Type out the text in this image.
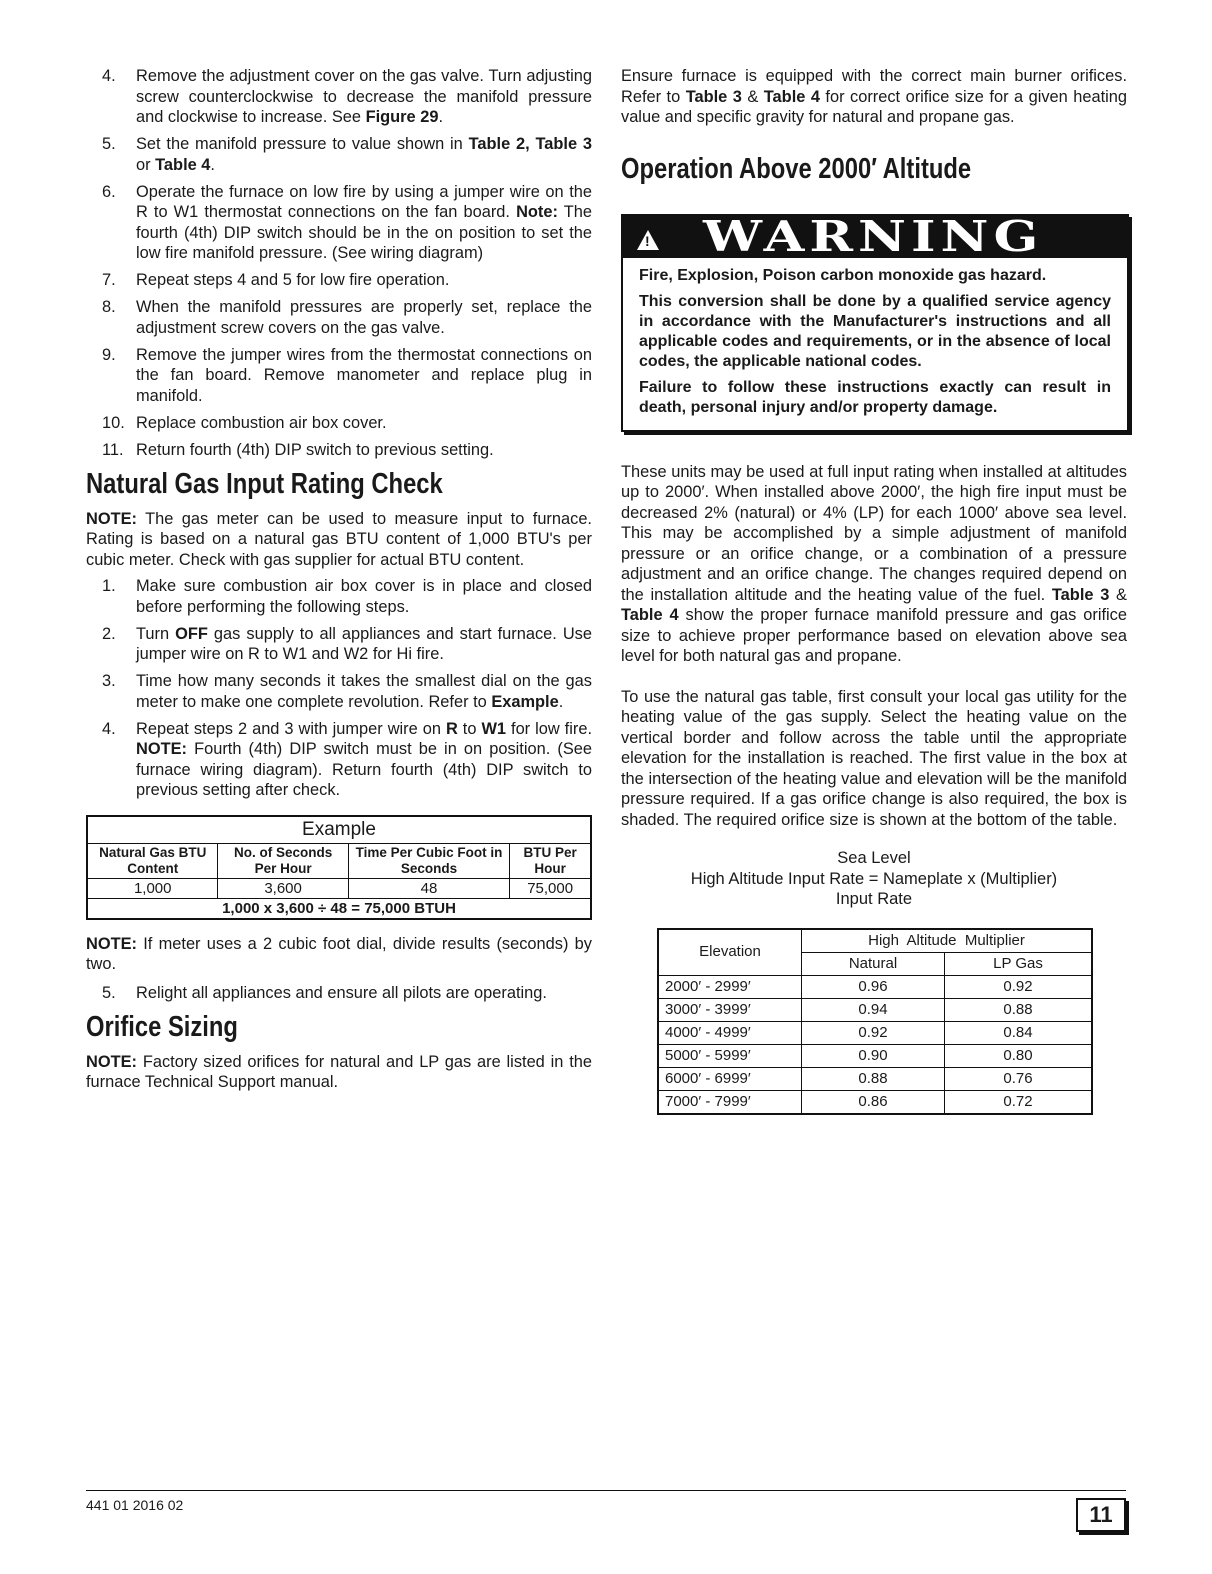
4. Remove the adjustment cover on the gas valve. Turn adjusting screw counterclockwise to decrease the manifold pressure and clockwise to increase. See Figure 29.
5. Set the manifold pressure to value shown in Table 2, Table 3 or Table 4.
6. Operate the furnace on low fire by using a jumper wire on the R to W1 thermostat connections on the fan board. Note: The fourth (4th) DIP switch should be in the on position to set the low fire manifold pressure. (See wiring diagram)
7. Repeat steps 4 and 5 for low fire operation.
8. When the manifold pressures are properly set, replace the adjustment screw covers on the gas valve.
9. Remove the jumper wires from the thermostat connections on the fan board. Remove manometer and replace plug in manifold.
10. Replace combustion air box cover.
11. Return fourth (4th) DIP switch to previous setting.
Natural Gas Input Rating Check

NOTE: The gas meter can be used to measure input to furnace. Rating is based on a natural gas BTU content of 1,000 BTU's per cubic meter. Check with gas supplier for actual BTU content.

1. Make sure combustion air box cover is in place and closed before performing the following steps.
2. Turn OFF gas supply to all appliances and start furnace. Use jumper wire on R to W1 and W2 for Hi fire.
3. Time how many seconds it takes the smallest dial on the gas meter to make one complete revolution. Refer to Example.
4. Repeat steps 2 and 3 with jumper wire on R to W1 for low fire. NOTE: Fourth (4th) DIP switch must be in on position. (See furnace wiring diagram). Return fourth (4th) DIP switch to previous setting after check.
Example			
Natural Gas BTU Content	No. of Seconds Per Hour	Time Per Cubic Foot in Seconds	BTU Per Hour
1,000	3,600	48	75,000
1,000 x 3,600 ÷ 48 = 75,000 BTUH			

NOTE: If meter uses a 2 cubic foot dial, divide results (seconds) by two.

5. Relight all appliances and ensure all pilots are operating.
Orifice Sizing

NOTE: Factory sized orifices for natural and LP gas are listed in the furnace Technical Support manual.

Ensure furnace is equipped with the correct main burner orifices. Refer to Table 3 & Table 4 for correct orifice size for a given heating value and specific gravity for natural and propane gas.

Operation Above 2000′ Altitude
! WARNING

Fire, Explosion, Poison carbon monoxide gas hazard.

This conversion shall be done by a qualified service agency in accordance with the Manufacturer's instructions and all applicable codes and requirements, or in the absence of local codes, the applicable national codes.

Failure to follow these instructions exactly can result in death, personal injury and/or property damage.

These units may be used at full input rating when installed at altitudes up to 2000′. When installed above 2000′, the high fire input must be decreased 2% (natural) or 4% (LP) for each 1000′ above sea level. This may be accomplished by a simple adjustment of manifold pressure or an orifice change, or a combination of a pressure adjustment and an orifice change. The changes required depend on the installation altitude and the heating value of the fuel. Table 3 & Table 4 show the proper furnace manifold pressure and gas orifice size to achieve proper performance based on elevation above sea level for both natural gas and propane.

To use the natural gas table, first consult your local gas utility for the heating value of the gas supply. Select the heating value on the vertical border and follow across the table until the appropriate elevation for the installation is reached. The first value in the box at the intersection of the heating value and elevation will be the manifold pressure required. If a gas orifice change is also required, the box is shaded. The required orifice size is shown at the bottom of the table.

Sea Level
High Altitude Input Rate = Nameplate x (Multiplier)
Input Rate
Elevation	High  Altitude  Multiplier	
	Natural	LP Gas
2000′ - 2999′	0.96	0.92
3000′ - 3999′	0.94	0.88
4000′ - 4999′	0.92	0.84
5000′ - 5999′	0.90	0.80
6000′ - 6999′	0.88	0.76
7000′ - 7999′	0.86	0.72
441 01 2016 02	11
